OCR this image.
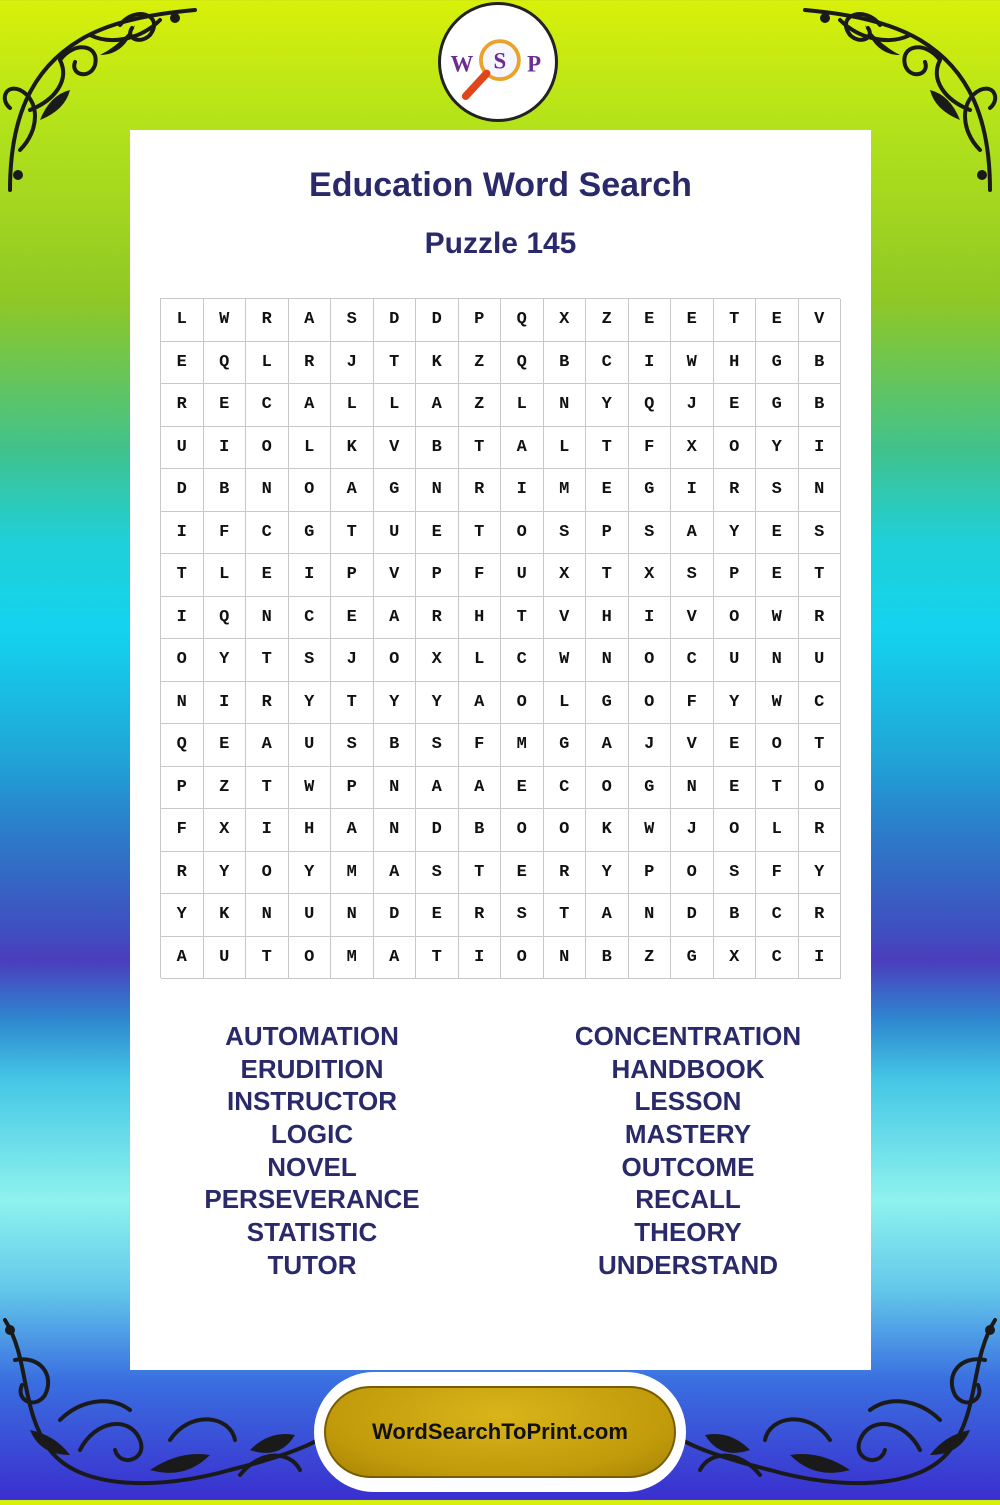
W S P
Education Word Search
Puzzle 145
L	W	R	A	S	D	D	P	Q	X	Z	E	E	T	E	V
E	Q	L	R	J	T	K	Z	Q	B	C	I	W	H	G	B
R	E	C	A	L	L	A	Z	L	N	Y	Q	J	E	G	B
U	I	O	L	K	V	B	T	A	L	T	F	X	O	Y	I
D	B	N	O	A	G	N	R	I	M	E	G	I	R	S	N
I	F	C	G	T	U	E	T	O	S	P	S	A	Y	E	S
T	L	E	I	P	V	P	F	U	X	T	X	S	P	E	T
I	Q	N	C	E	A	R	H	T	V	H	I	V	O	W	R
O	Y	T	S	J	O	X	L	C	W	N	O	C	U	N	U
N	I	R	Y	T	Y	Y	A	O	L	G	O	F	Y	W	C
Q	E	A	U	S	B	S	F	M	G	A	J	V	E	O	T
P	Z	T	W	P	N	A	A	E	C	O	G	N	E	T	O
F	X	I	H	A	N	D	B	O	O	K	W	J	O	L	R
R	Y	O	Y	M	A	S	T	E	R	Y	P	O	S	F	Y
Y	K	N	U	N	D	E	R	S	T	A	N	D	B	C	R
A	U	T	O	M	A	T	I	O	N	B	Z	G	X	C	I
AUTOMATION
ERUDITION
INSTRUCTOR
LOGIC
NOVEL
PERSEVERANCE
STATISTIC
TUTOR
CONCENTRATION
HANDBOOK
LESSON
MASTERY
OUTCOME
RECALL
THEORY
UNDERSTAND
WordSearchToPrint.com
